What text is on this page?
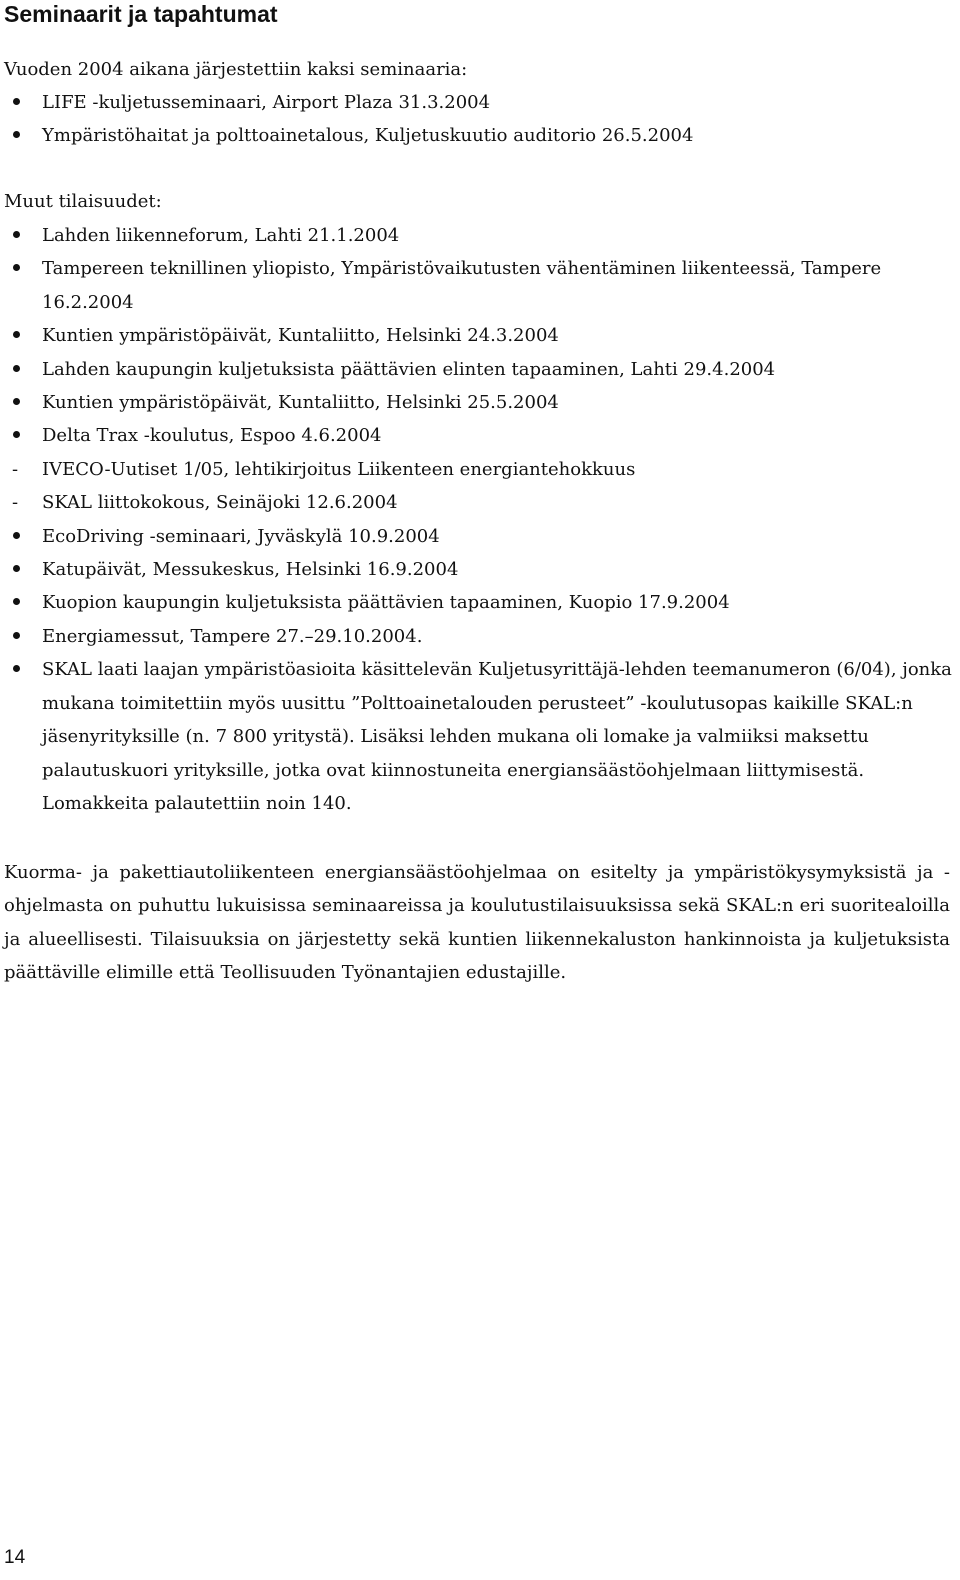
Seminaarit ja tapahtumat

Vuoden 2004 aikana järjestettiin kaksi seminaaria:

LIFE -kuljetusseminaari, Airport Plaza 31.3.2004
Ympäristöhaitat ja polttoainetalous, Kuljetuskuutio auditorio 26.5.2004

Muut tilaisuudet:

Lahden liikenneforum, Lahti 21.1.2004
Tampereen teknillinen yliopisto, Ympäristövaikutusten vähentäminen liikenteessä, Tampere 16.2.2004
Kuntien ympäristöpäivät, Kuntaliitto, Helsinki 24.3.2004
Lahden kaupungin kuljetuksista päättävien elinten tapaaminen, Lahti 29.4.2004
Kuntien ympäristöpäivät, Kuntaliitto, Helsinki 25.5.2004
Delta Trax -koulutus, Espoo 4.6.2004
- IVECO-Uutiset 1/05, lehtikirjoitus Liikenteen energiantehokkuus
- SKAL liittokokous, Seinäjoki 12.6.2004
EcoDriving -seminaari, Jyväskylä 10.9.2004
Katupäivät, Messukeskus, Helsinki 16.9.2004
Kuopion kaupungin kuljetuksista päättävien tapaaminen, Kuopio 17.9.2004
Energiamessut, Tampere 27.–29.10.2004.
SKAL laati laajan ympäristöasioita käsittelevän Kuljetusyrittäjä-lehden teemanumeron (6/04), jonka mukana toimitettiin myös uusittu ”Polttoainetalouden perusteet” -koulutusopas kaikille SKAL:n jäsenyrityksille (n. 7 800 yritystä). Lisäksi lehden mukana oli lomake ja valmiiksi maksettu palautuskuori yrityksille, jotka ovat kiinnostuneita energiansäästöohjelmaan liittymisestä. Lomakkeita palautettiin noin 140.

Kuorma- ja pakettiautoliikenteen energiansäästöohjelmaa on esitelty ja ympäristökysymyksistä ja -ohjelmasta on puhuttu lukuisissa seminaareissa ja koulutustilaisuuksissa sekä SKAL:n eri suoritealoilla ja alueellisesti. Tilaisuuksia on järjestetty sekä kuntien liikennekaluston hankinnoista ja kuljetuksista päättäville elimille että Teollisuuden Työnantajien edustajille.

14
